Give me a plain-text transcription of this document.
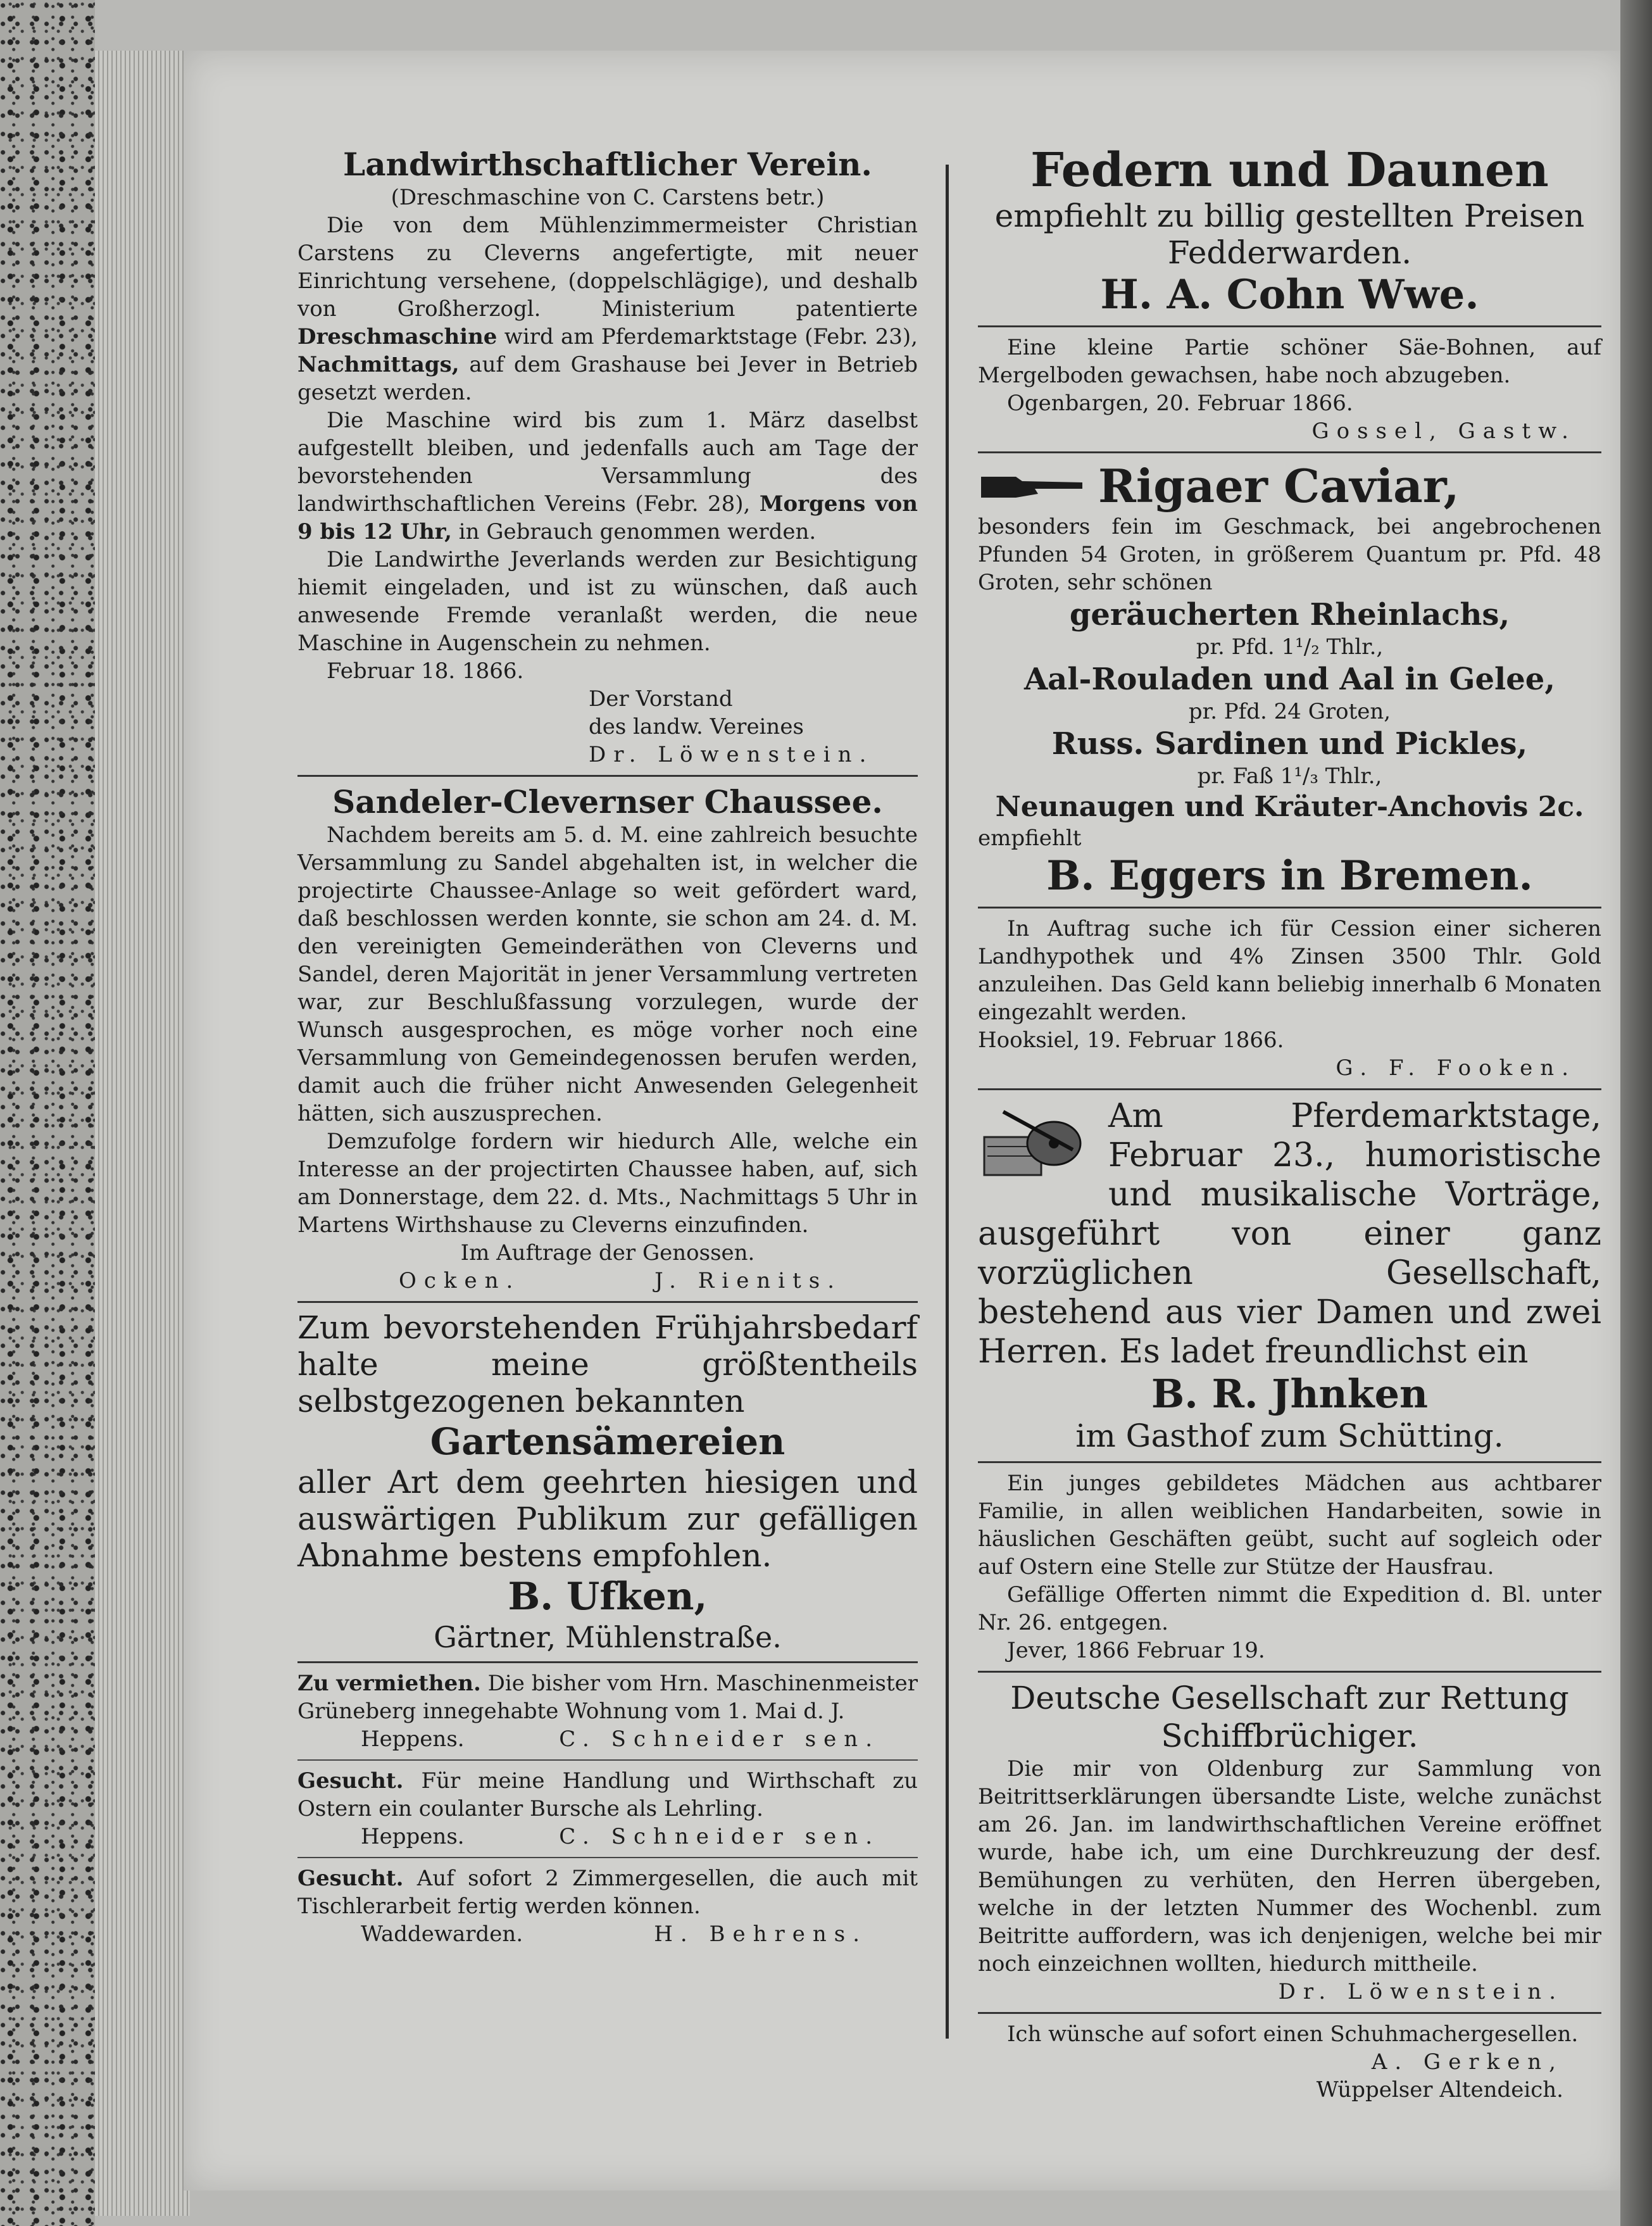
Landwirthschaftlicher Verein.
(Dreschmaschine von C. Carstens betr.)

Die von dem Mühlenzimmermeister Christian Carstens zu Cleverns angefertigte, mit neuer Einrichtung versehene, (doppelschlägige), und deshalb von Großherzogl. Ministerium patentierte Dreschmaschine wird am Pferdemarktstage (Febr. 23), Nachmittags, auf dem Grashause bei Jever in Betrieb gesetzt werden.

Die Maschine wird bis zum 1. März daselbst aufgestellt bleiben, und jedenfalls auch am Tage der bevorstehenden Versammlung des landwirthschaftlichen Vereins (Febr. 28), Morgens von 9 bis 12 Uhr, in Gebrauch genommen werden.

Die Landwirthe Jeverlands werden zur Besichtigung hiemit eingeladen, und ist zu wünschen, daß auch anwesende Fremde veranlaßt werden, die neue Maschine in Augenschein zu nehmen.

Februar 18. 1866.

Der Vorstand
des landw. Vereines
Dr. Löwenstein.
Sandeler-Clevernser Chaussee.

Nachdem bereits am 5. d. M. eine zahlreich besuchte Versammlung zu Sandel abgehalten ist, in welcher die projectirte Chaussee-Anlage so weit gefördert ward, daß beschlossen werden konnte, sie schon am 24. d. M. den vereinigten Gemeinderäthen von Cleverns und Sandel, deren Majorität in jener Versammlung vertreten war, zur Beschlußfassung vorzulegen, wurde der Wunsch ausgesprochen, es möge vorher noch eine Versammlung von Gemeindegenossen berufen werden, damit auch die früher nicht Anwesenden Gelegenheit hätten, sich auszusprechen.

Demzufolge fordern wir hiedurch Alle, welche ein Interesse an der projectirten Chaussee haben, auf, sich am Donnerstage, dem 22. d. Mts., Nachmittags 5 Uhr in Martens Wirthshause zu Cleverns einzufinden.

Im Auftrage der Genossen.
Ocken.	J. Rienits.

Zum bevorstehenden Frühjahrsbedarf halte meine größtentheils selbstgezogenen bekannten

Gartensämereien

aller Art dem geehrten hiesigen und auswärtigen Publikum zur gefälligen Abnahme bestens empfohlen.

B. Ufken,
Gärtner, Mühlenstraße.

Zu vermiethen. Die bisher vom Hrn. Maschinenmeister Grüneberg innegehabte Wohnung vom 1. Mai d. J.

Heppens.	C. Schneider sen.

Gesucht. Für meine Handlung und Wirthschaft zu Ostern ein coulanter Bursche als Lehrling.

Heppens.	C. Schneider sen.

Gesucht. Auf sofort 2 Zimmergesellen, die auch mit Tischlerarbeit fertig werden können.

Waddewarden.	H. Behrens.
Federn und Daunen

empfiehlt zu billig gestellten Preisen Fedderwarden.

H. A. Cohn Wwe.

Eine kleine Partie schöner Säe-Bohnen, auf Mergelboden gewachsen, habe noch abzugeben.

Ogenbargen, 20. Februar 1866.

Gossel, Gastw.
Rigaer Caviar,

besonders fein im Geschmack, bei angebrochenen Pfunden 54 Groten, in größerem Quantum pr. Pfd. 48 Groten, sehr schönen

geräucherten Rheinlachs,
pr. Pfd. 1¹/₂ Thlr.,
Aal-Rouladen und Aal in Gelee,
pr. Pfd. 24 Groten,
Russ. Sardinen und Pickles,
pr. Faß 1¹/₃ Thlr.,
Neunaugen und Kräuter-Anchovis 2c.
empfiehlt
B. Eggers in Bremen.

In Auftrag suche ich für Cession einer sicheren Landhypothek und 4% Zinsen 3500 Thlr. Gold anzuleihen. Das Geld kann beliebig innerhalb 6 Monaten eingezahlt werden.

Hooksiel, 19. Februar 1866.

G. F. Fooken.

Am Pferdemarktstage, Februar 23., humoristische und musikalische Vorträge, ausgeführt von einer ganz vorzüglichen Gesellschaft, bestehend aus vier Damen und zwei Herren. Es ladet freundlichst ein

B. R. Jhnken
im Gasthof zum Schütting.

Ein junges gebildetes Mädchen aus achtbarer Familie, in allen weiblichen Handarbeiten, sowie in häuslichen Geschäften geübt, sucht auf sogleich oder auf Ostern eine Stelle zur Stütze der Hausfrau.

Gefällige Offerten nimmt die Expedition d. Bl. unter Nr. 26. entgegen.

Jever, 1866 Februar 19.

Deutsche Gesellschaft zur Rettung
Schiffbrüchiger.

Die mir von Oldenburg zur Sammlung von Beitrittserklärungen übersandte Liste, welche zunächst am 26. Jan. im landwirthschaftlichen Vereine eröffnet wurde, habe ich, um eine Durchkreuzung der desf. Bemühungen zu verhüten, den Herren übergeben, welche in der letzten Nummer des Wochenbl. zum Beitritte auffordern, was ich denjenigen, welche bei mir noch einzeichnen wollten, hiedurch mittheile.

Dr. Löwenstein.

Ich wünsche auf sofort einen Schuhmachergesellen.

A. Gerken,
Wüppelser Altendeich.
